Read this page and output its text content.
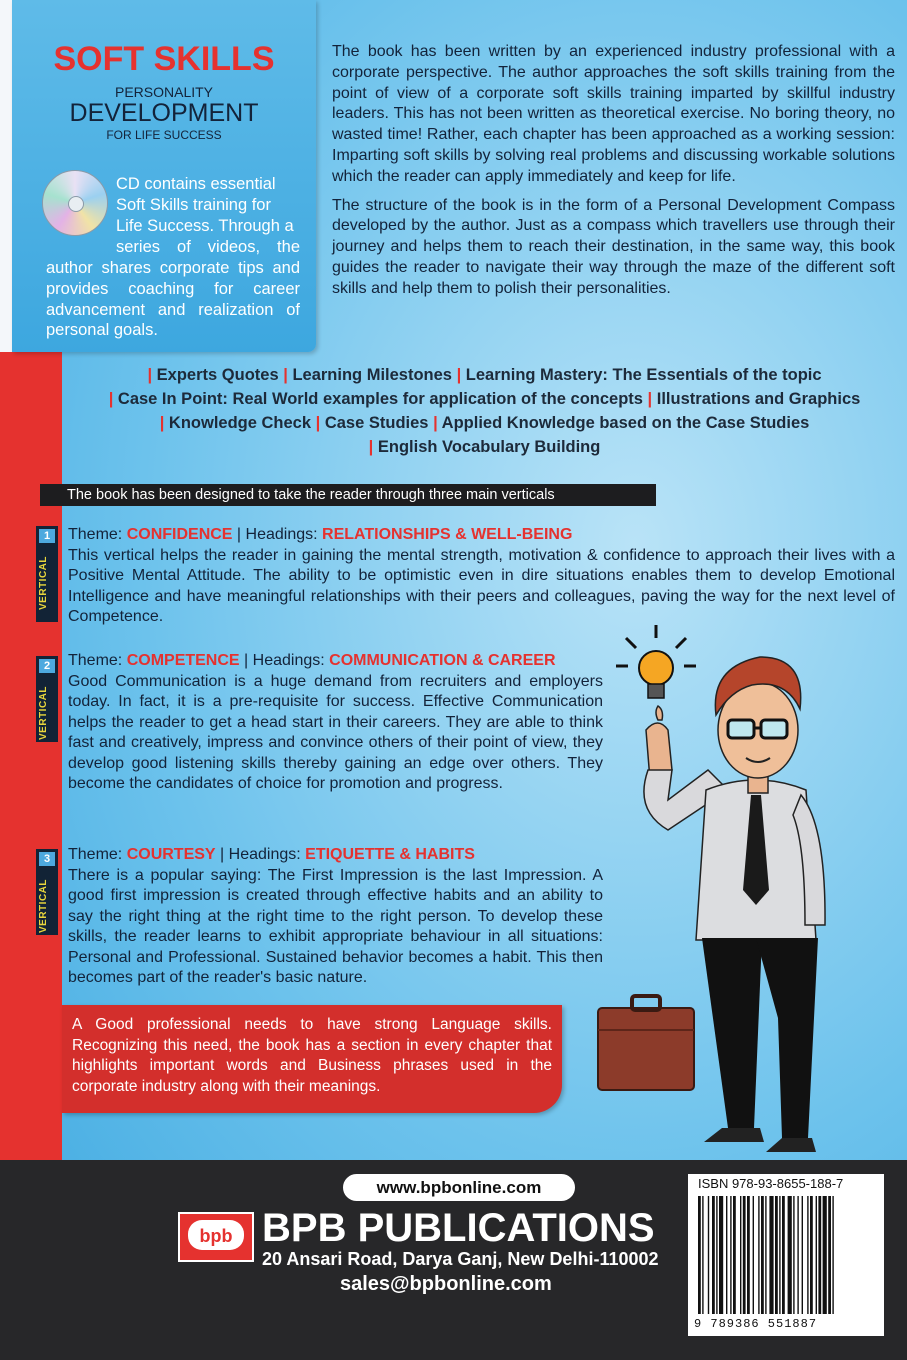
SOFT SKILLS
PERSONALITY
DEVELOPMENT
FOR LIFE SUCCESS
CD contains essential
Soft Skills training for
Life Success. Through a
series of videos, the
author shares corporate tips and provides coaching for career advancement and realization of personal goals.

The book has been written by an experienced industry professional with a corporate perspective. The author approaches the soft skills training from the point of view of a corporate soft skills training imparted by skillful industry leaders. This has not been written as theoretical exercise. No boring theory, no wasted time! Rather, each chapter has been approached as a working session: Imparting soft skills by solving real problems and discussing workable solutions which the reader can apply immediately and keep for life.

The structure of the book is in the form of a Personal Development Compass developed by the author. Just as a compass which travellers use through their journey and helps them to reach their destination, in the same way, this book guides the reader to navigate their way through the maze of the different soft skills and help them to polish their personalities.

| Experts Quotes | Learning Milestones | Learning Mastery: The Essentials of the topic
| Case In Point: Real World examples for application of the concepts | Illustrations and Graphics
| Knowledge Check | Case Studies | Applied Knowledge based on the Case Studies
| English Vocabulary Building
The book has been designed to take the reader through three main verticals
1
VERTICAL
Theme: CONFIDENCE | Headings: RELATIONSHIPS & WELL-BEING
This vertical helps the reader in gaining the mental strength, motivation & confidence to approach their lives with a Positive Mental Attitude. The ability to be optimistic even in dire situations enables them to develop Emotional Intelligence and have meaningful relationships with their peers and colleagues, paving the way for the next level of Competence.
2
VERTICAL
Theme: COMPETENCE | Headings: COMMUNICATION & CAREER
Good Communication is a huge demand from recruiters and employers today. In fact, it is a pre-requisite for success. Effective Communication helps the reader to get a head start in their careers. They are able to think fast and creatively, impress and convince others of their point of view, they develop good listening skills thereby gaining an edge over others. They become the candidates of choice for promotion and progress.
3
VERTICAL
Theme: COURTESY | Headings: ETIQUETTE & HABITS
There is a popular saying: The First Impression is the last Impression. A good first impression is created through effective habits and an ability to say the right thing at the right time to the right person. To develop these skills, the reader learns to exhibit appropriate behaviour in all situations: Personal and Professional. Sustained behavior becomes a habit. This then becomes part of the reader's basic nature.
A Good professional needs to have strong Language skills. Recognizing this need, the book has a section in every chapter that highlights important words and Business phrases used in the corporate industry along with their meanings.
www.bpbonline.com
bpb BPB PUBLICATIONS
20 Ansari Road, Darya Ganj, New Delhi-110002
sales@bpbonline.com
ISBN 978-93-8655-188-7
9 789386 551887
